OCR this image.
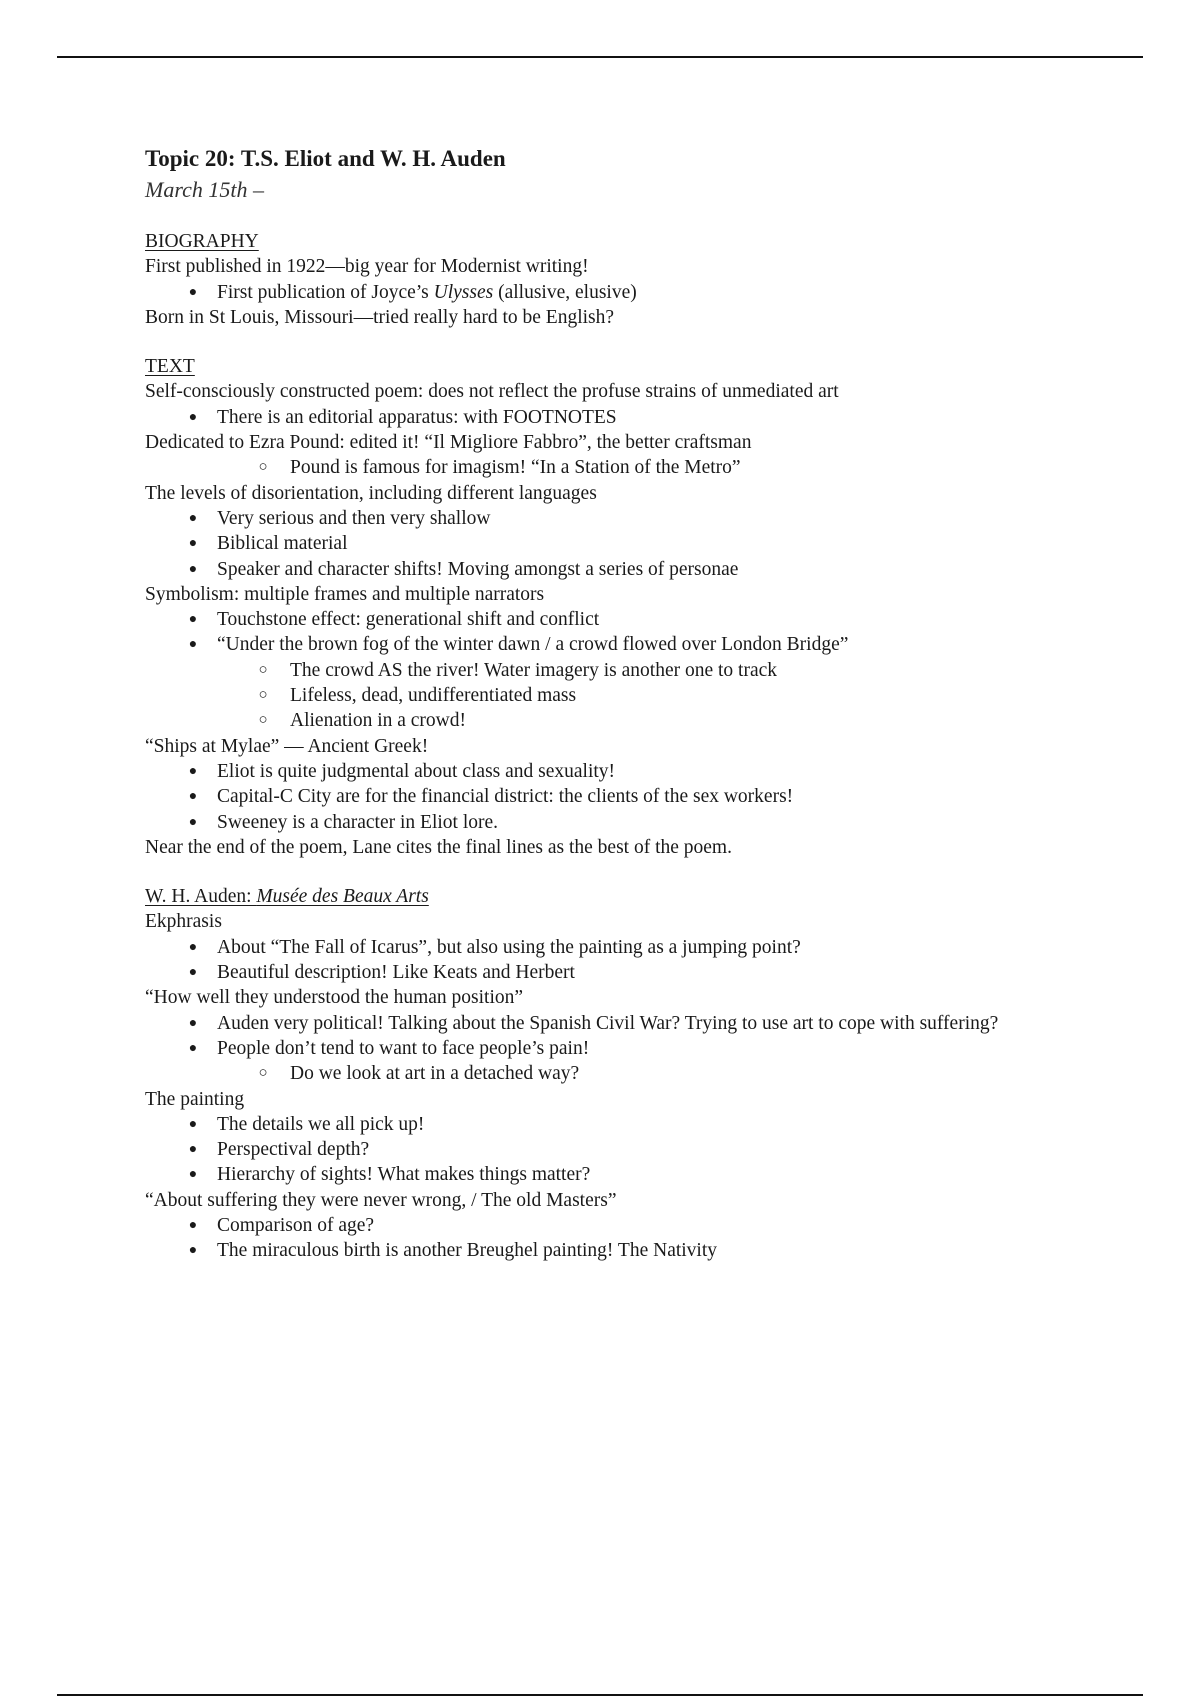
Topic 20: T.S. Eliot and W. H. Auden

March 15th –

BIOGRAPHY

First published in 1922—big year for Modernist writing!

● First publication of Joyce’s Ulysses (allusive, elusive)

Born in St Louis, Missouri—tried really hard to be English?

TEXT

Self-consciously constructed poem: does not reflect the profuse strains of unmediated art

● There is an editorial apparatus: with FOOTNOTES

Dedicated to Ezra Pound: edited it! “Il Migliore Fabbro”, the better craftsman

○ Pound is famous for imagism! “In a Station of the Metro”

The levels of disorientation, including different languages

● Very serious and then very shallow

● Biblical material

● Speaker and character shifts! Moving amongst a series of personae

Symbolism: multiple frames and multiple narrators

● Touchstone effect: generational shift and conflict

● “Under the brown fog of the winter dawn / a crowd flowed over London Bridge”

○ The crowd AS the river! Water imagery is another one to track

○ Lifeless, dead, undifferentiated mass

○ Alienation in a crowd!

“Ships at Mylae” — Ancient Greek!

● Eliot is quite judgmental about class and sexuality!

● Capital-C City are for the financial district: the clients of the sex workers!

● Sweeney is a character in Eliot lore.

Near the end of the poem, Lane cites the final lines as the best of the poem.

W. H. Auden: Musée des Beaux Arts

Ekphrasis

● About “The Fall of Icarus”, but also using the painting as a jumping point?

● Beautiful description! Like Keats and Herbert

“How well they understood the human position”

● Auden very political! Talking about the Spanish Civil War? Trying to use art to cope with suffering?

● People don’t tend to want to face people’s pain!

○ Do we look at art in a detached way?

The painting

● The details we all pick up!

● Perspectival depth?

● Hierarchy of sights! What makes things matter?

“About suffering they were never wrong, / The old Masters”

● Comparison of age?

● The miraculous birth is another Breughel painting! The Nativity
